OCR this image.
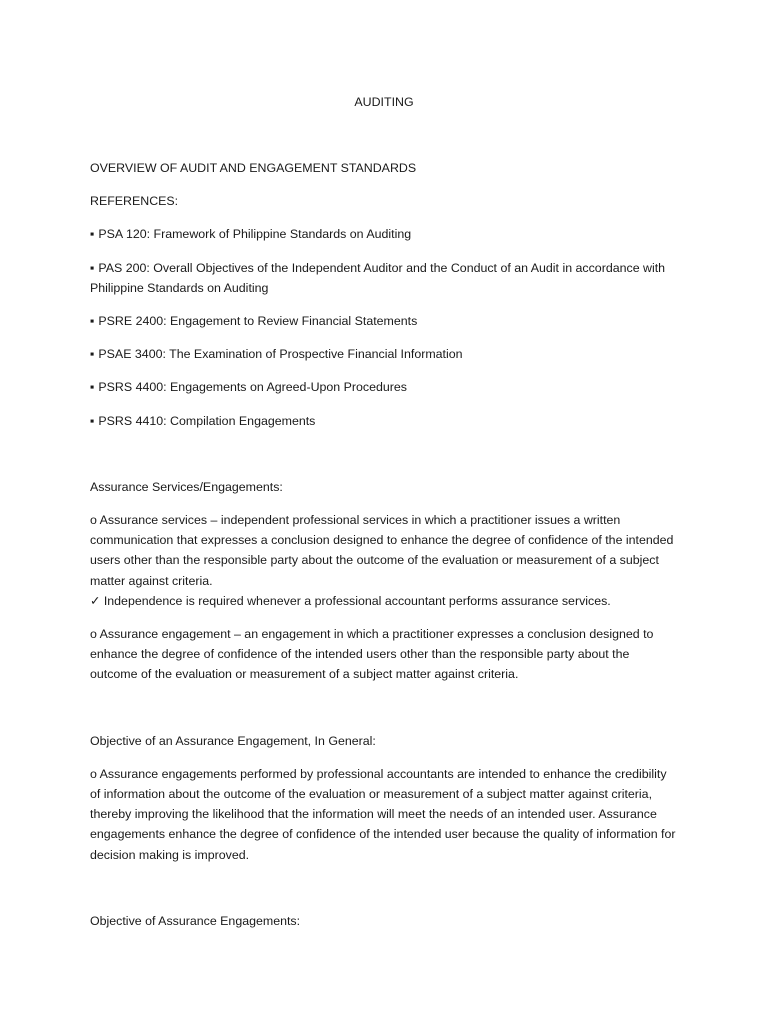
AUDITING

OVERVIEW OF AUDIT AND ENGAGEMENT STANDARDS

REFERENCES:

▪ PSA 120: Framework of Philippine Standards on Auditing

▪ PAS 200: Overall Objectives of the Independent Auditor and the Conduct of an Audit in accordance with Philippine Standards on Auditing

▪ PSRE 2400: Engagement to Review Financial Statements

▪ PSAE 3400: The Examination of Prospective Financial Information

▪ PSRS 4400: Engagements on Agreed-Upon Procedures

▪ PSRS 4410: Compilation Engagements

Assurance Services/Engagements:

o Assurance services – independent professional services in which a practitioner issues a written communication that expresses a conclusion designed to enhance the degree of confidence of the intended users other than the responsible party about the outcome of the evaluation or measurement of a subject matter against criteria.

✓ Independence is required whenever a professional accountant performs assurance services.

o Assurance engagement – an engagement in which a practitioner expresses a conclusion designed to enhance the degree of confidence of the intended users other than the responsible party about the outcome of the evaluation or measurement of a subject matter against criteria.

Objective of an Assurance Engagement, In General:

o Assurance engagements performed by professional accountants are intended to enhance the credibility of information about the outcome of the evaluation or measurement of a subject matter against criteria, thereby improving the likelihood that the information will meet the needs of an intended user. Assurance engagements enhance the degree of confidence of the intended user because the quality of information for decision making is improved.

Objective of Assurance Engagements:
